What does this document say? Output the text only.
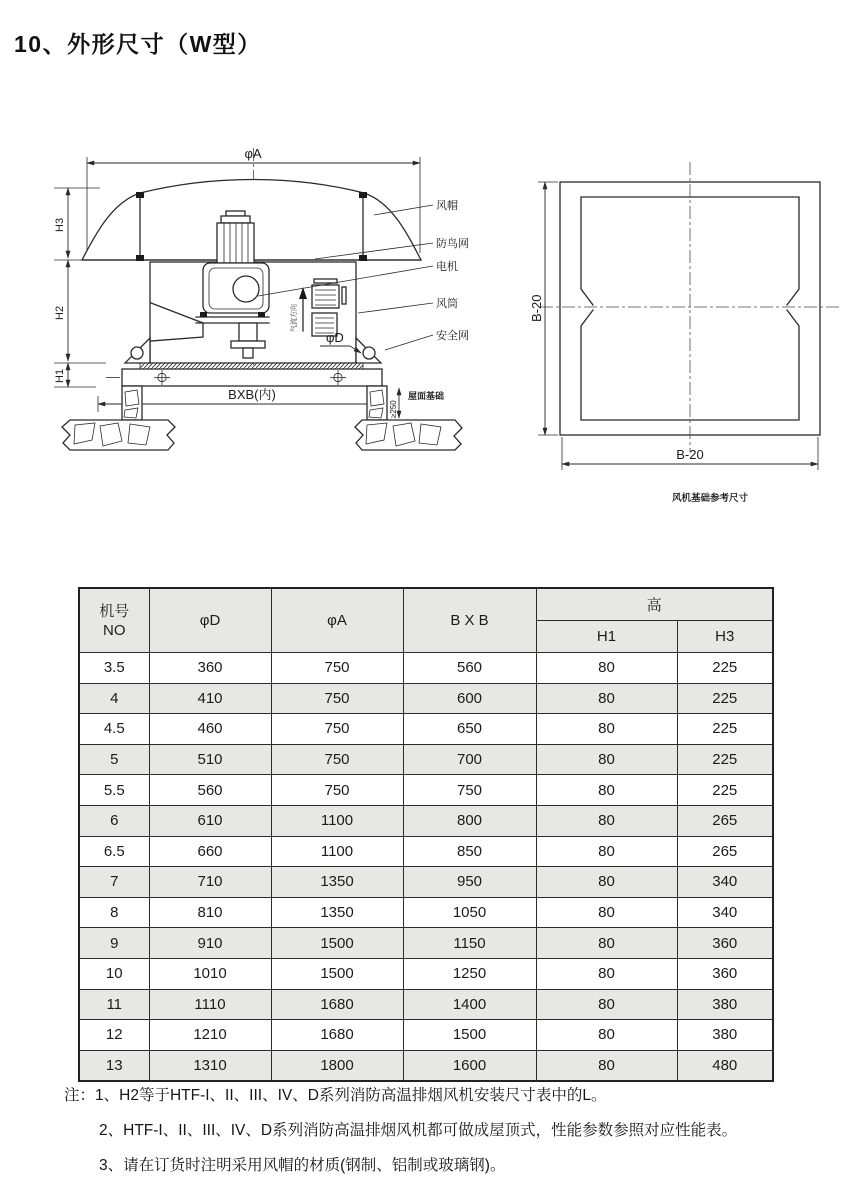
10、外形尺寸（W型）
φA
气流方向
φD
BXB(内)
≥250
屋面基础
H3
H2
H1
风帽
防鸟网
电机
风筒
安全网
B-20
B-20
风机基础参考尺寸
机号
NO	φD	φA	B X B	高	
				H1	H3
3.5	360	750	560	80	225
4	410	750	600	80	225
4.5	460	750	650	80	225
5	510	750	700	80	225
5.5	560	750	750	80	225
6	610	1100	800	80	265
6.5	660	1100	850	80	265
7	710	1350	950	80	340
8	810	1350	1050	80	340
9	910	1500	1150	80	360
10	1010	1500	1250	80	360
11	1110	1680	1400	80	380
12	1210	1680	1500	80	380
13	1310	1800	1600	80	480
注：1、H2等于HTF-I、II、III、IV、D系列消防高温排烟风机安装尺寸表中的L。
2、HTF-I、II、III、IV、D系列消防高温排烟风机都可做成屋顶式，性能参数参照对应性能表。
3、请在订货时注明采用风帽的材质(钢制、铝制或玻璃钢)。
